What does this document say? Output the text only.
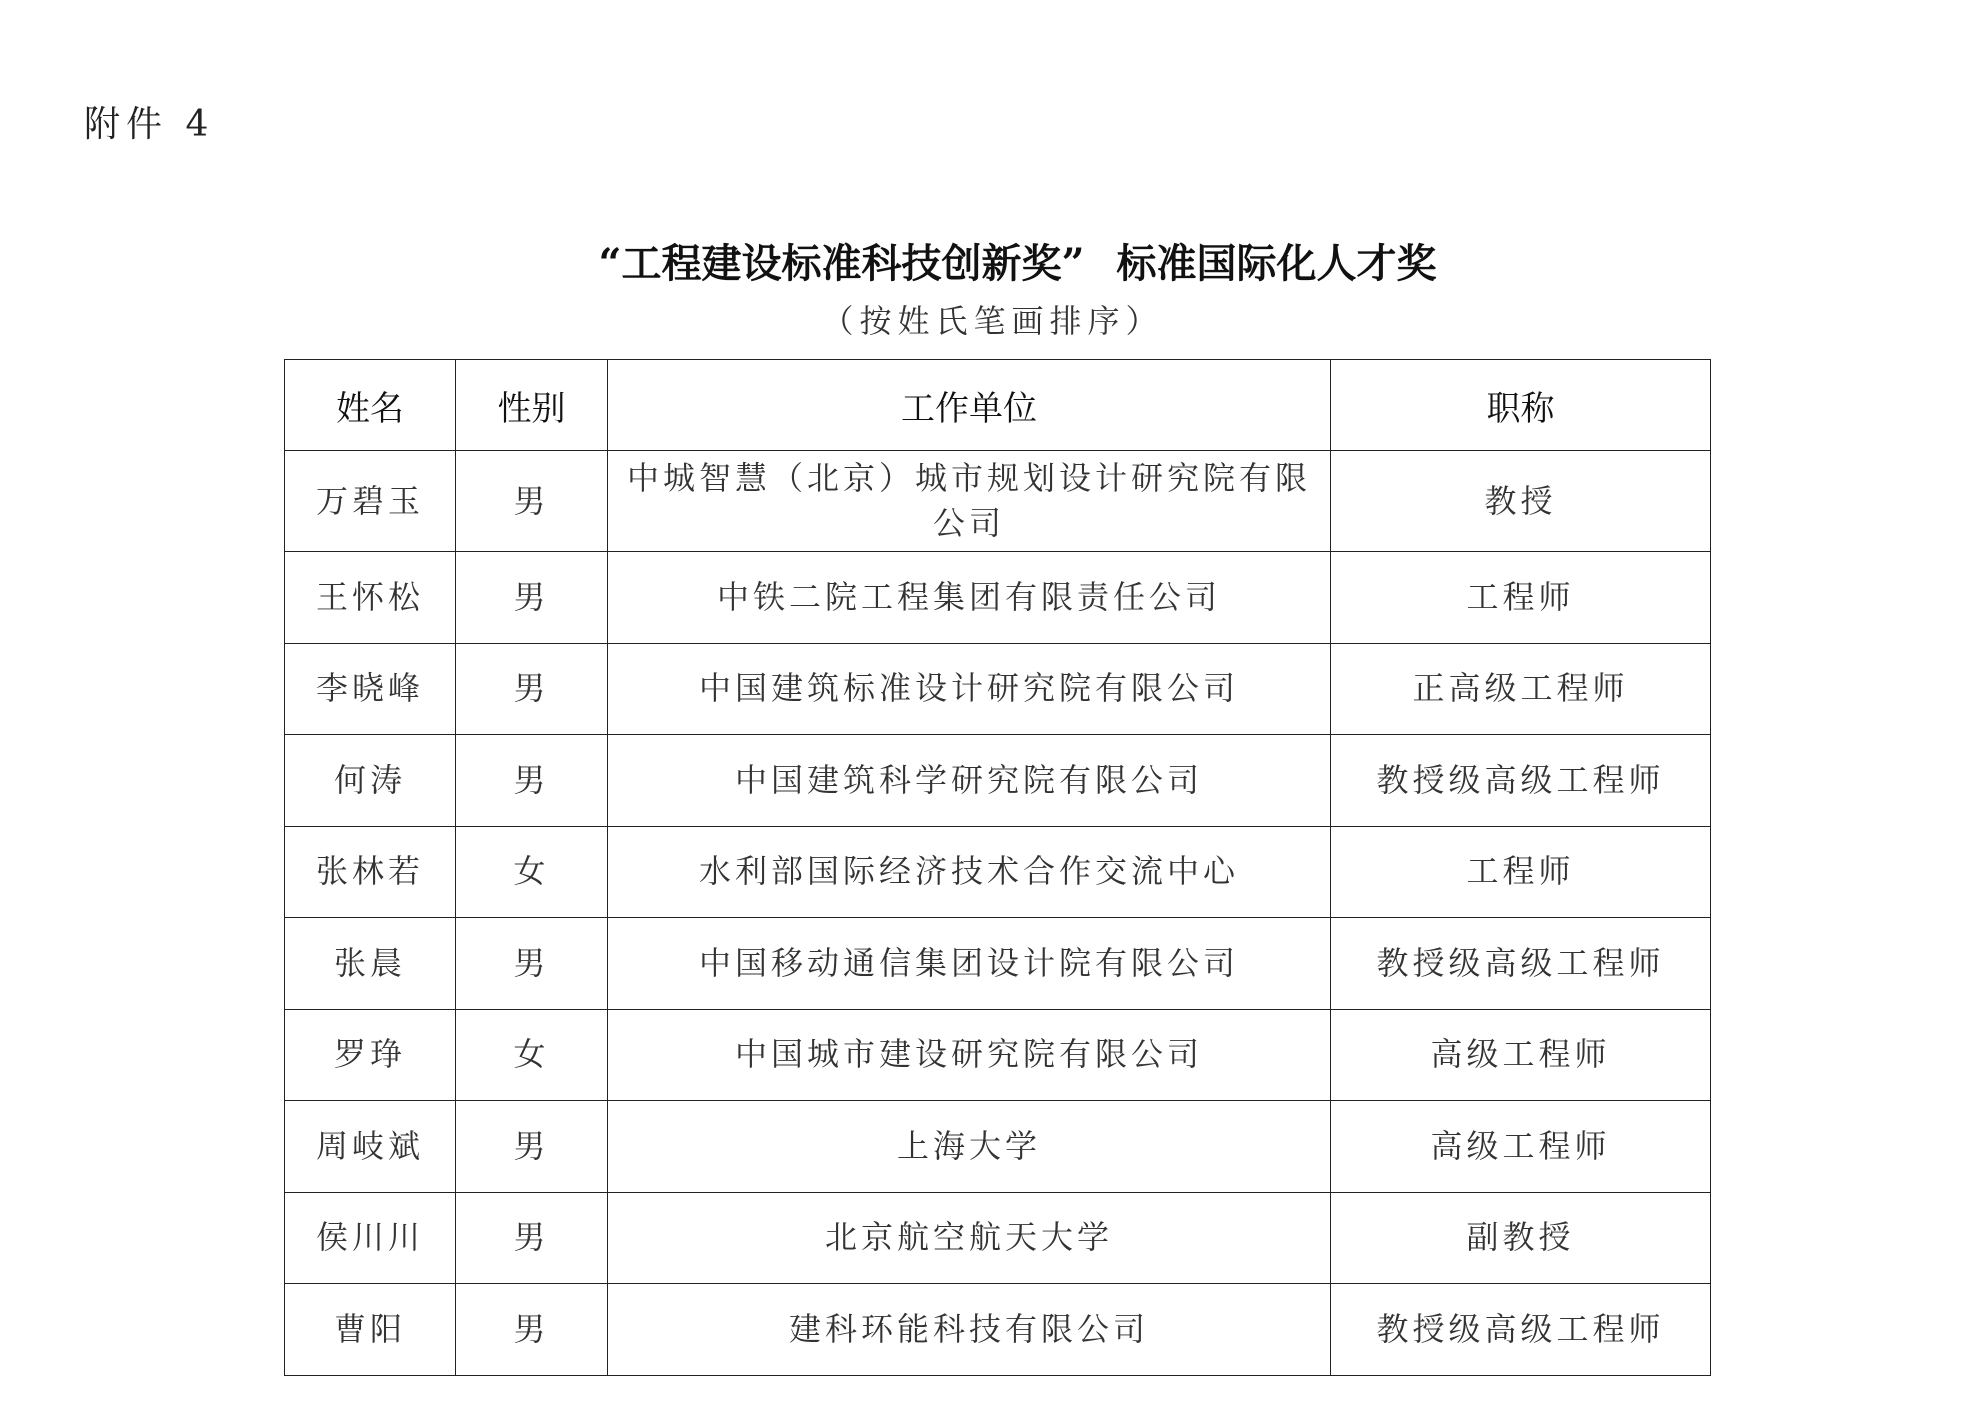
附件 4
“工程建设标准科技创新奖” 标准国际化人才奖
（按姓氏笔画排序）
姓名	性别	工作单位	职称
万碧玉	男	中城智慧（北京）城市规划设计研究院有限公司	教授
王怀松	男	中铁二院工程集团有限责任公司	工程师
李晓峰	男	中国建筑标准设计研究院有限公司	正高级工程师
何涛	男	中国建筑科学研究院有限公司	教授级高级工程师
张林若	女	水利部国际经济技术合作交流中心	工程师
张晨	男	中国移动通信集团设计院有限公司	教授级高级工程师
罗琤	女	中国城市建设研究院有限公司	高级工程师
周岐斌	男	上海大学	高级工程师
侯川川	男	北京航空航天大学	副教授
曹阳	男	建科环能科技有限公司	教授级高级工程师
